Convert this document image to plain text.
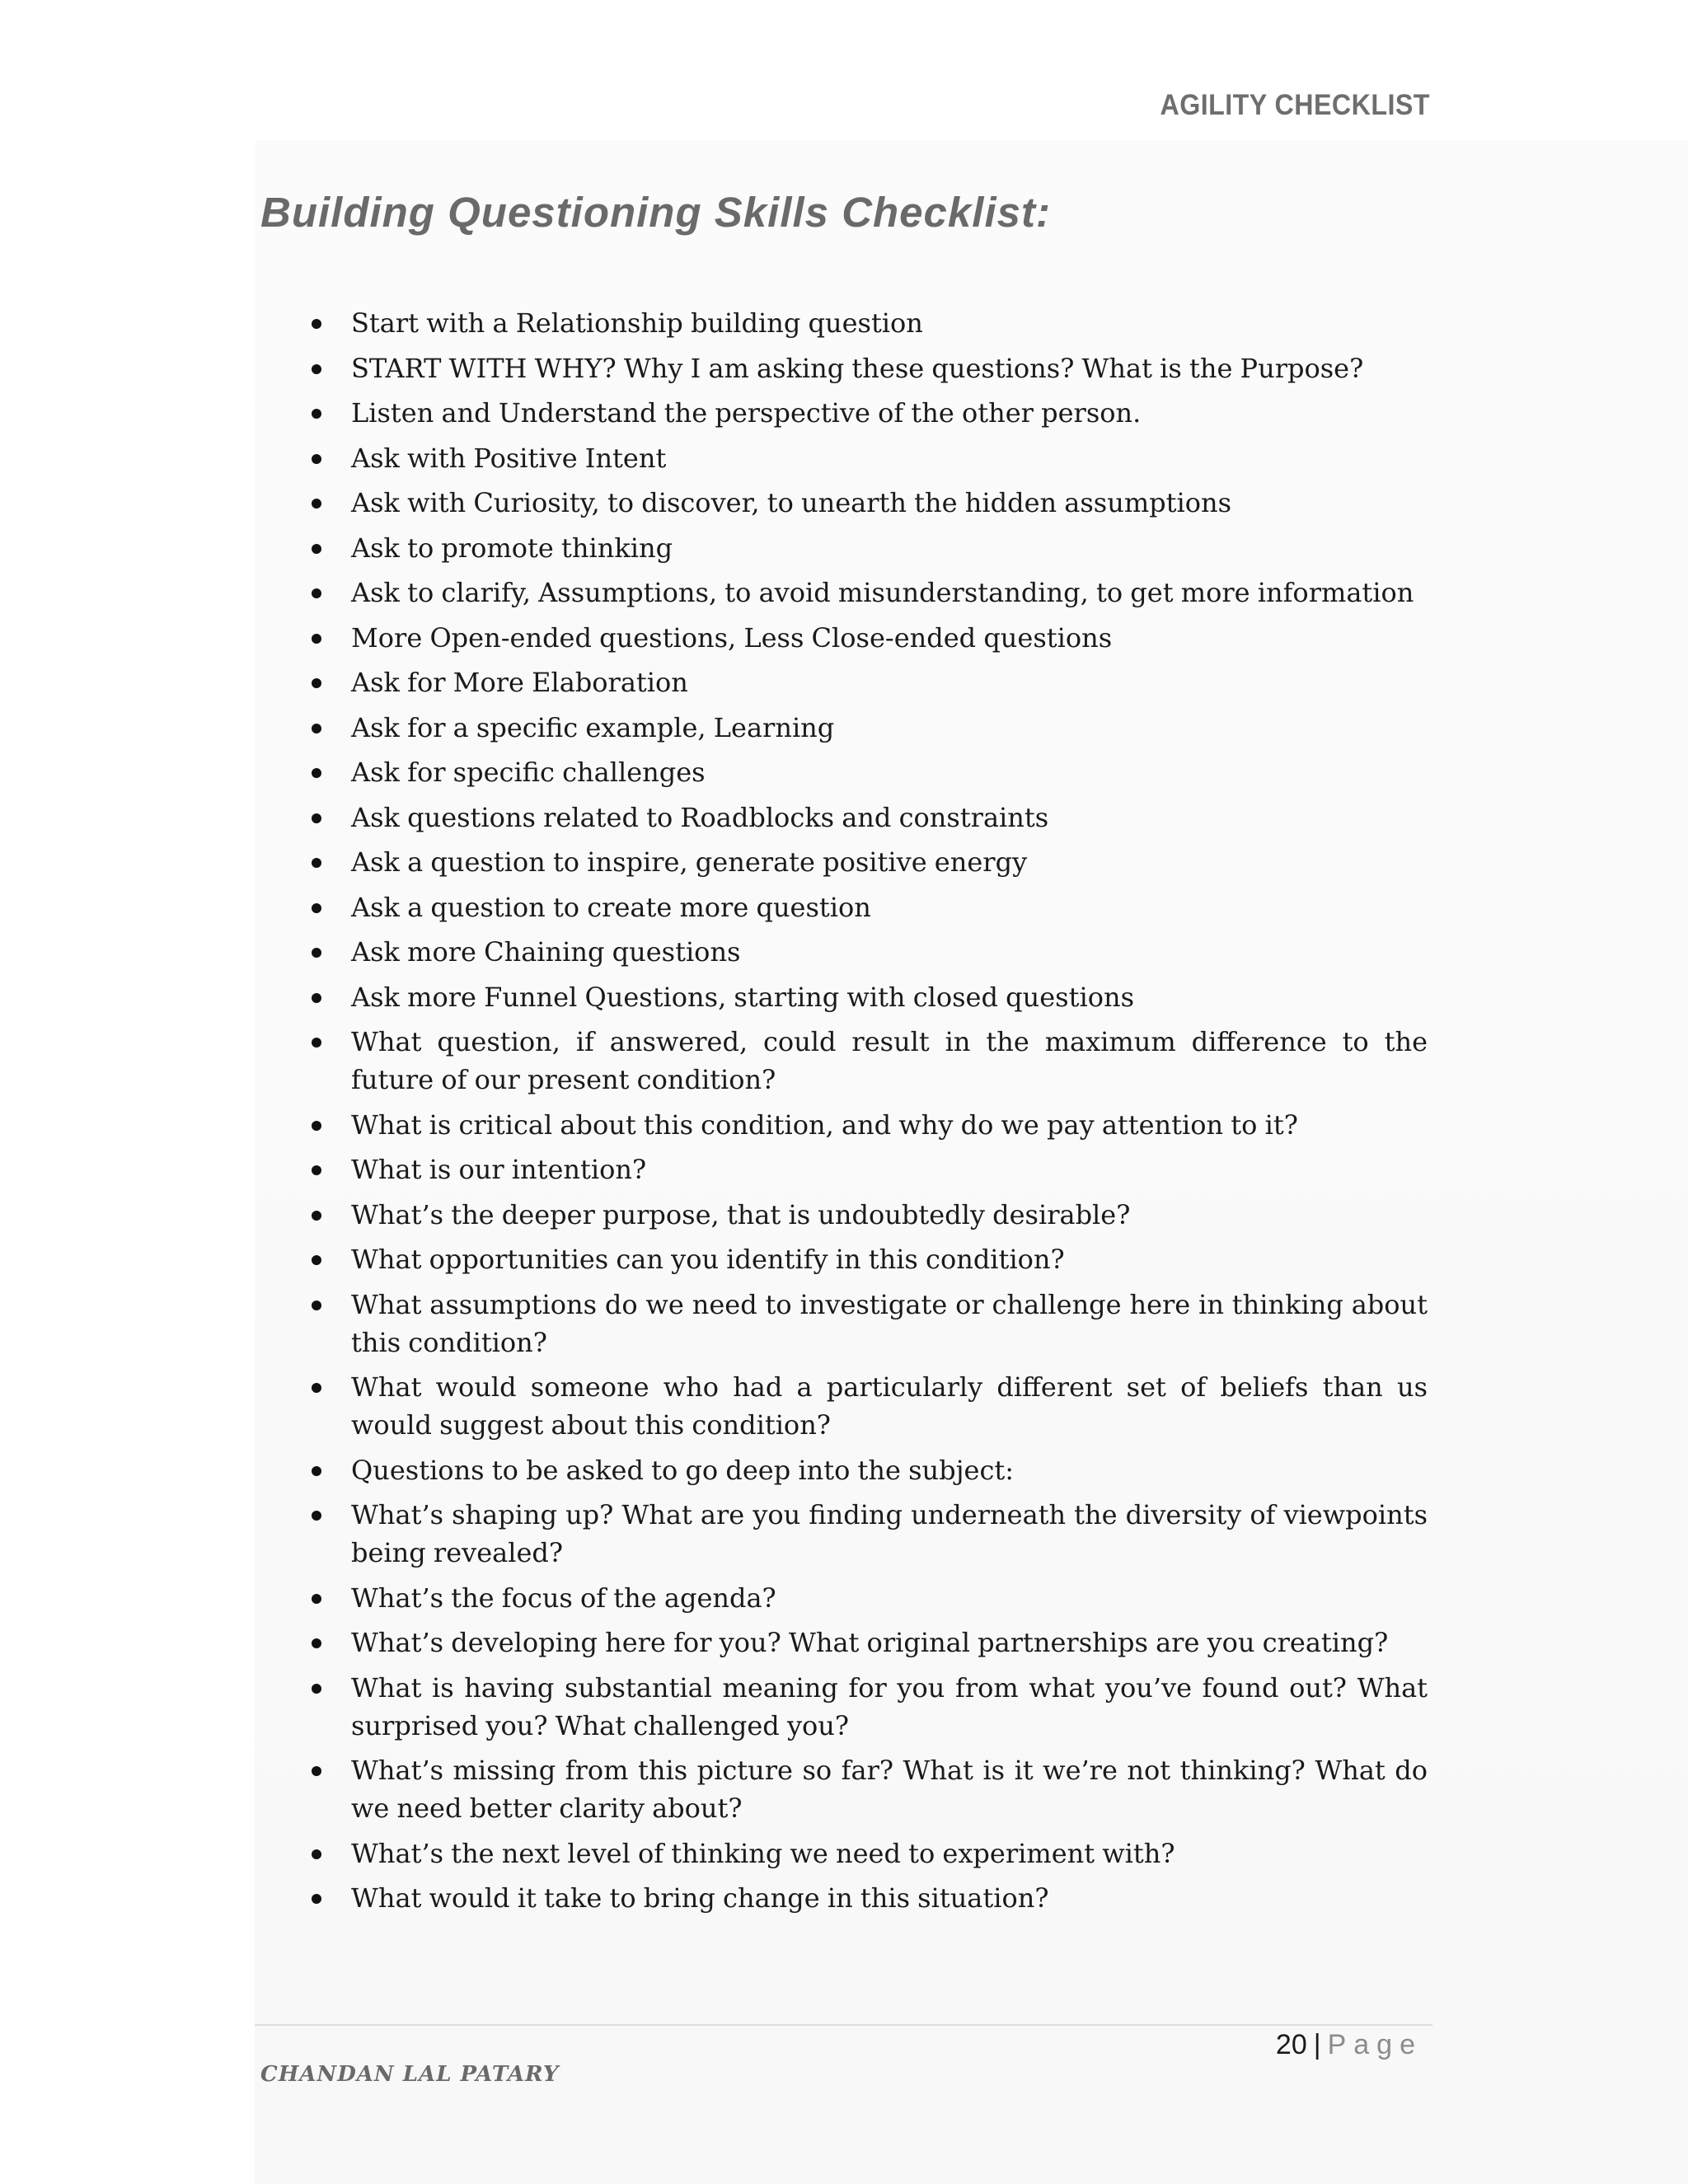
AGILITY CHECKLIST
Building Questioning Skills Checklist:
Start with a Relationship building question
START WITH WHY? Why I am asking these questions? What is the Purpose?
Listen and Understand the perspective of the other person.
Ask with Positive Intent
Ask with Curiosity, to discover, to unearth the hidden assumptions
Ask to promote thinking
Ask to clarify, Assumptions, to avoid misunderstanding, to get more information
More Open-ended questions, Less Close-ended questions
Ask for More Elaboration
Ask for a specific example, Learning
Ask for specific challenges
Ask questions related to Roadblocks and constraints
Ask a question to inspire, generate positive energy
Ask a question to create more question
Ask more Chaining questions
Ask more Funnel Questions, starting with closed questions
What question, if answered, could result in the maximum difference to the future of our present condition?
What is critical about this condition, and why do we pay attention to it?
What is our intention?
What’s the deeper purpose, that is undoubtedly desirable?
What opportunities can you identify in this condition?
What assumptions do we need to investigate or challenge here in thinking about this condition?
What would someone who had a particularly different set of beliefs than us would suggest about this condition?
Questions to be asked to go deep into the subject:
What’s shaping up? What are you finding underneath the diversity of viewpoints being revealed?
What’s the focus of the agenda?
What’s developing here for you? What original partnerships are you creating?
What is having substantial meaning for you from what you’ve found out? What surprised you? What challenged you?
What’s missing from this picture so far? What is it we’re not thinking? What do we need better clarity about?
What’s the next level of thinking we need to experiment with?
What would it take to bring change in this situation?
20 | Page
CHANDAN LAL PATARY
